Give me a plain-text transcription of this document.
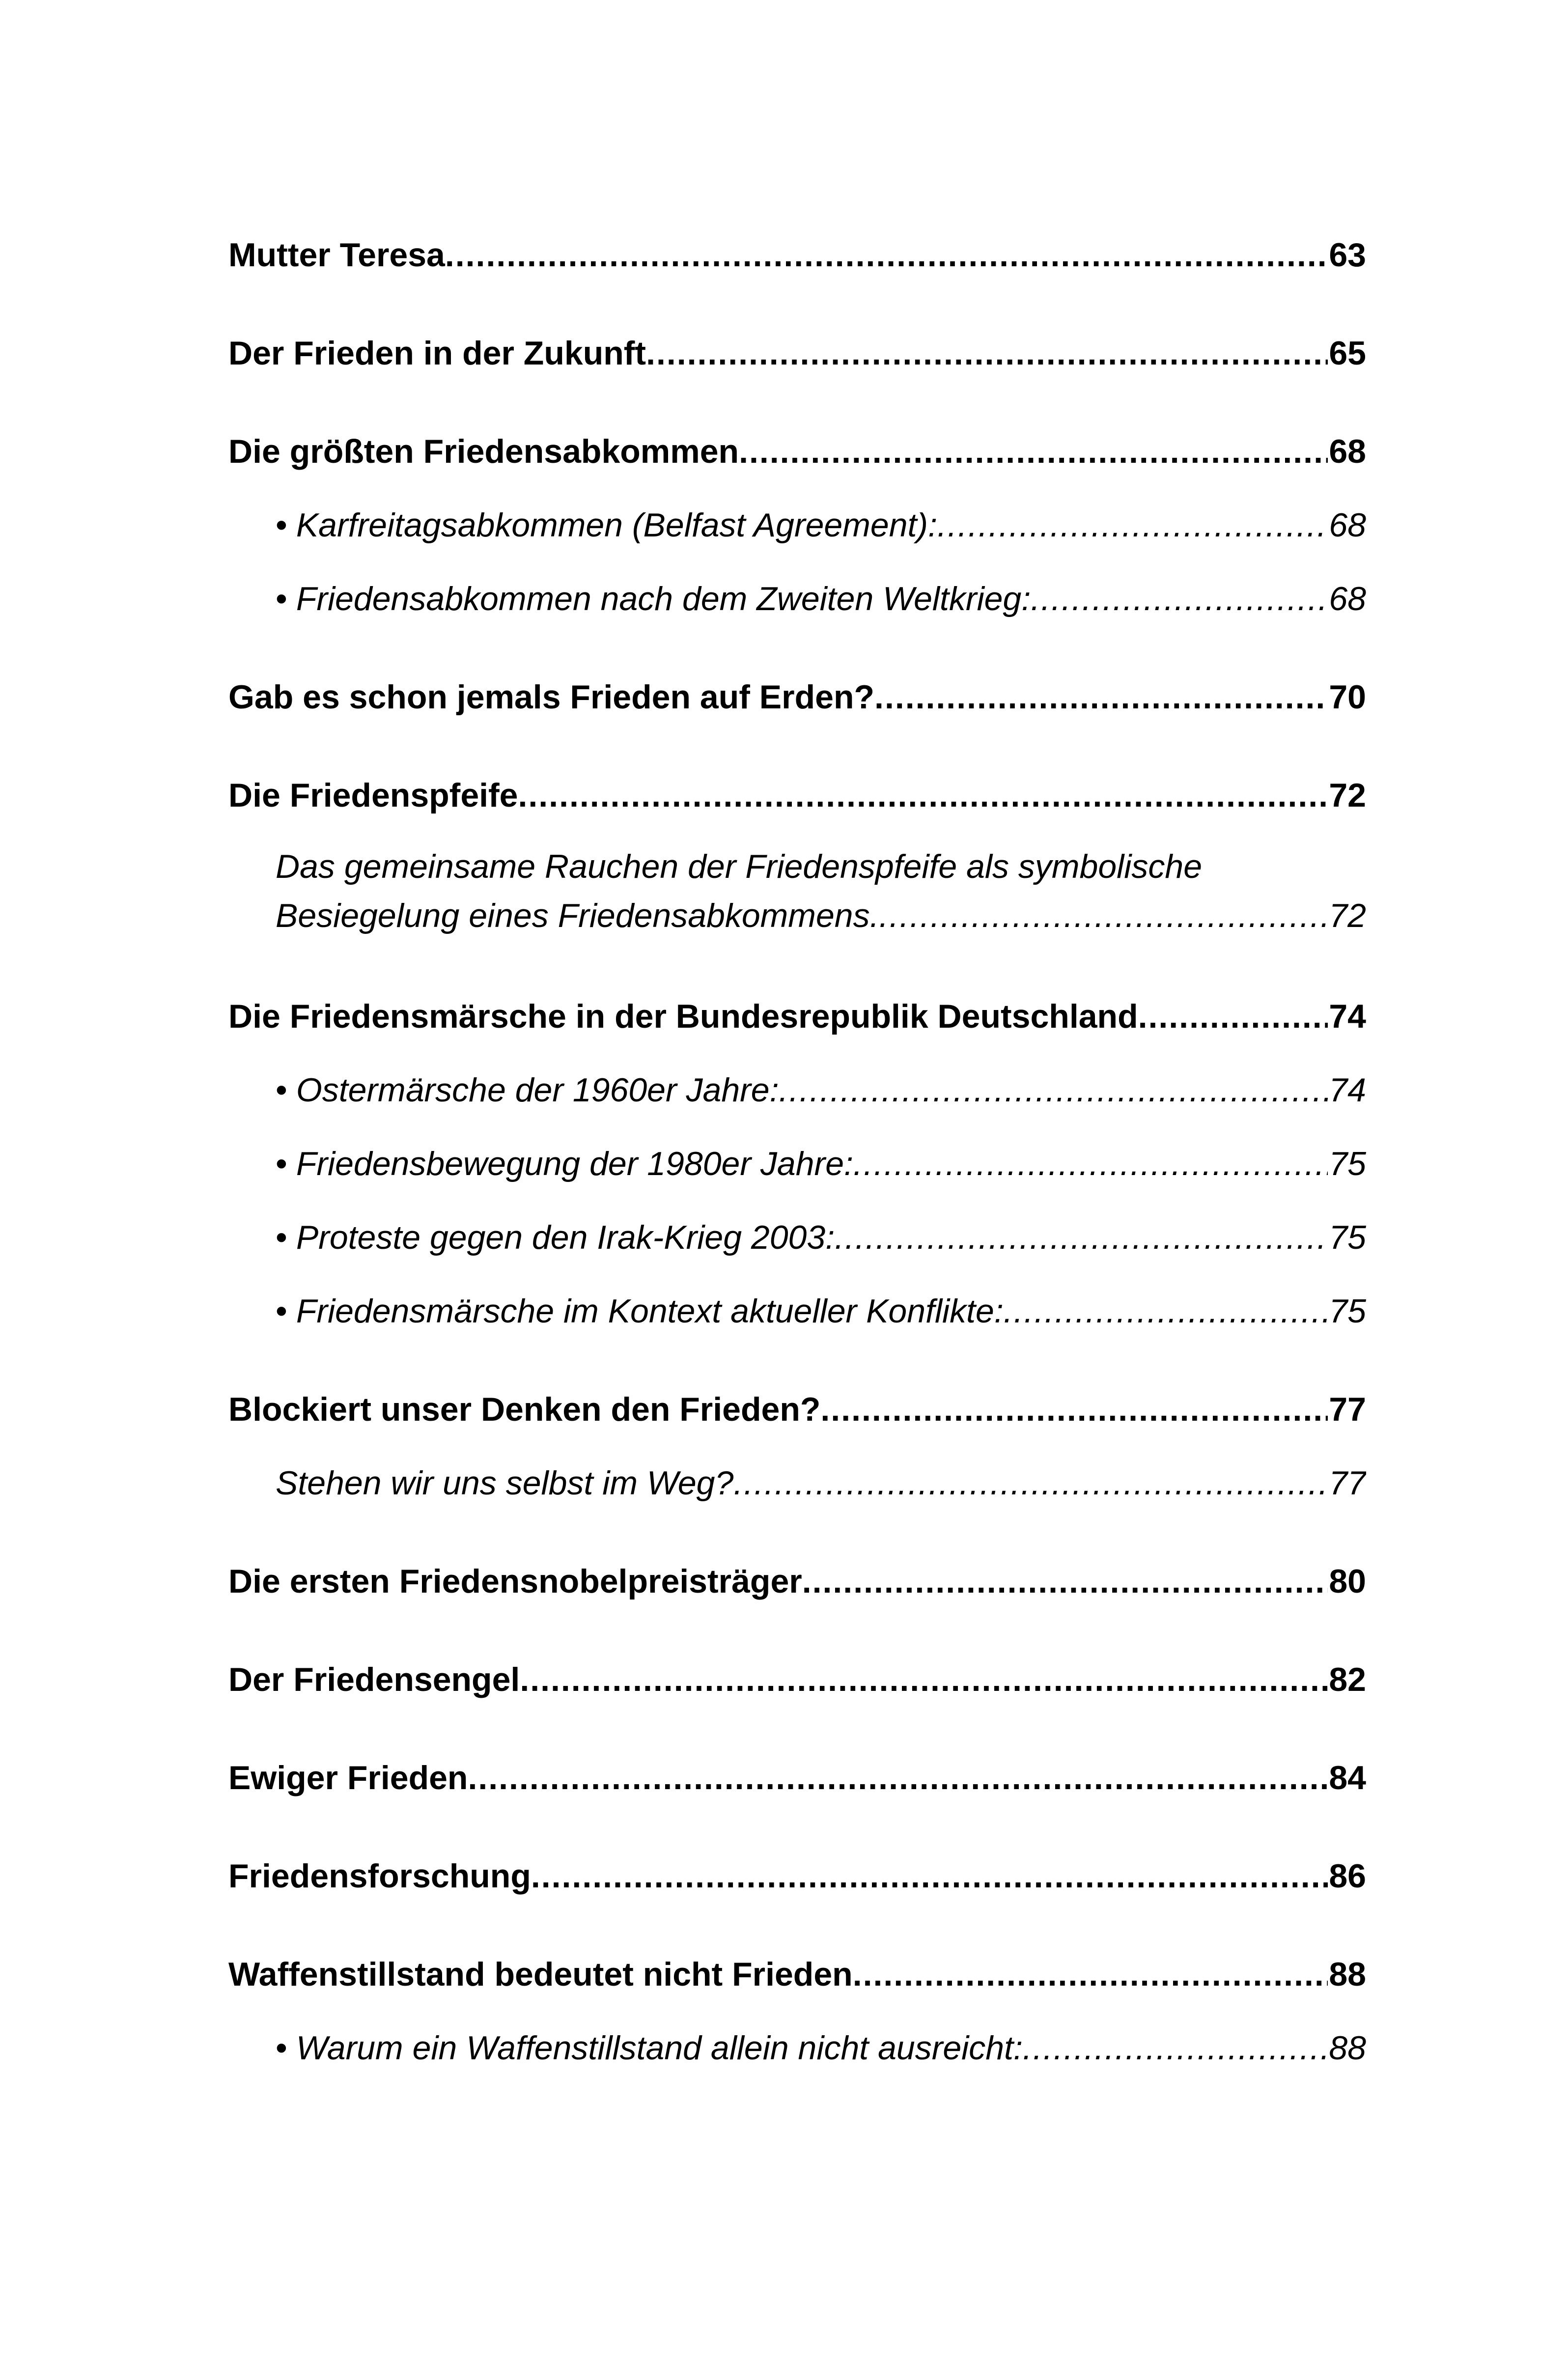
Mutter Teresa .....	63
Der Frieden in der Zukunft .....	65
Die größten Friedensabkommen .....	68
• Karfreitagsabkommen (Belfast Agreement): .....	68
• Friedensabkommen nach dem Zweiten Weltkrieg: .....	68
Gab es schon jemals Frieden auf Erden? .....	70
Die Friedenspfeife .....	72
Das gemeinsame Rauchen der Friedenspfeife als symbolische
Besiegelung eines Friedensabkommens. .....	72
Die Friedensmärsche in der Bundesrepublik Deutschland .....	74
• Ostermärsche der 1960er Jahre: .....	74
• Friedensbewegung der 1980er Jahre: .....	75
• Proteste gegen den Irak-Krieg 2003: .....	75
• Friedensmärsche im Kontext aktueller Konflikte: .....	75
Blockiert unser Denken den Frieden? .....	77
Stehen wir uns selbst im Weg? .....	77
Die ersten Friedensnobelpreisträger .....	80
Der Friedensengel .....	82
Ewiger Frieden .....	84
Friedensforschung .....	86
Waffenstillstand bedeutet nicht Frieden .....	88
• Warum ein Waffenstillstand allein nicht ausreicht: .....	88
